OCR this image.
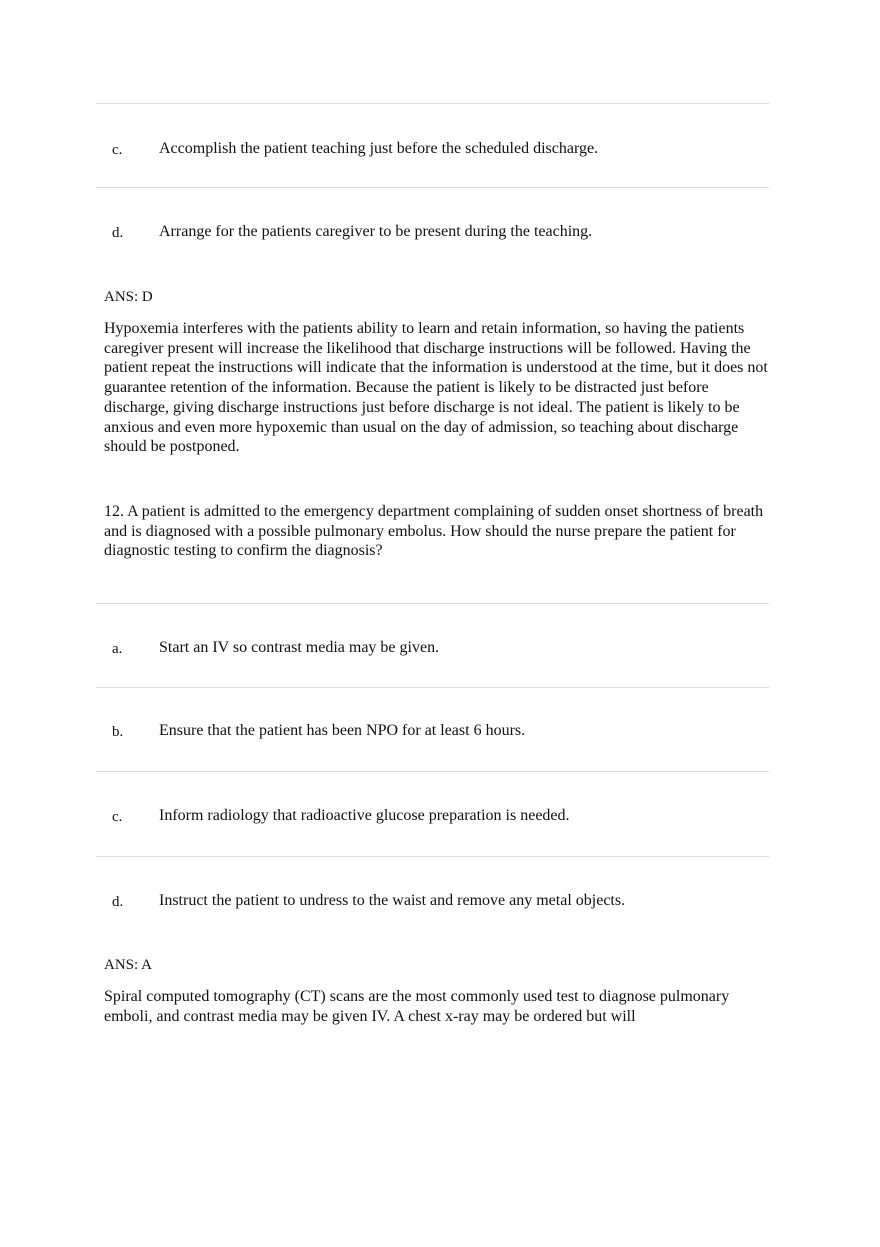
c. Accomplish the patient teaching just before the scheduled discharge.
d. Arrange for the patients caregiver to be present during the teaching.
ANS: D

Hypoxemia interferes with the patients ability to learn and retain information, so having the patients caregiver present will increase the likelihood that discharge instructions will be followed. Having the patient repeat the instructions will indicate that the information is understood at the time, but it does not guarantee retention of the information. Because the patient is likely to be distracted just before discharge, giving discharge instructions just before discharge is not ideal. The patient is likely to be anxious and even more hypoxemic than usual on the day of admission, so teaching about discharge should be postponed.

12. A patient is admitted to the emergency department complaining of sudden onset shortness of breath and is diagnosed with a possible pulmonary embolus. How should the nurse prepare the patient for diagnostic testing to confirm the diagnosis?

a. Start an IV so contrast media may be given.
b. Ensure that the patient has been NPO for at least 6 hours.
c. Inform radiology that radioactive glucose preparation is needed.
d. Instruct the patient to undress to the waist and remove any metal objects.
ANS: A

Spiral computed tomography (CT) scans are the most commonly used test to diagnose pulmonary emboli, and contrast media may be given IV. A chest x-ray may be ordered but will
